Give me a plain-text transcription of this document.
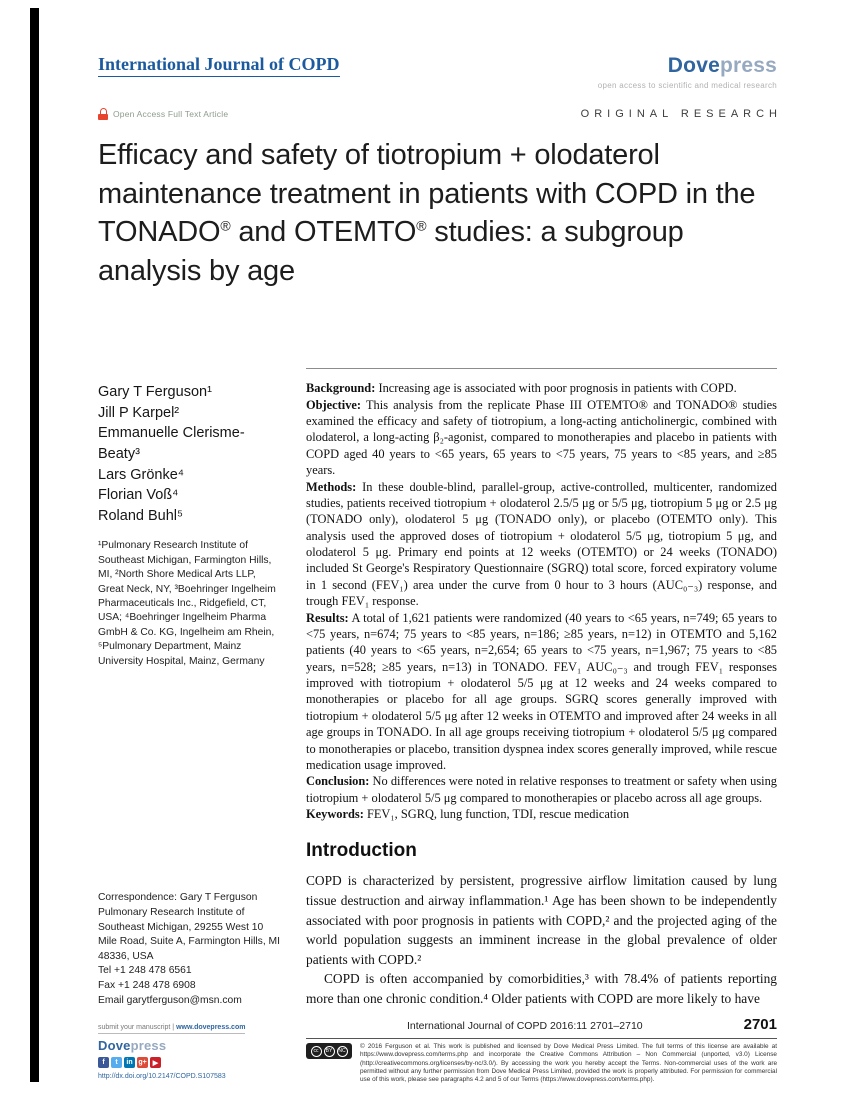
International Journal of COPD	Dovepress
open access to scientific and medical research
Open Access Full Text Article	ORIGINAL RESEARCH
Efficacy and safety of tiotropium + olodaterol maintenance treatment in patients with COPD in the TONADO® and OTEMTO® studies: a subgroup analysis by age
Gary T Ferguson¹
Jill P Karpel²
Emmanuelle Clerisme-Beaty³
Lars Grönke⁴
Florian Voß⁴
Roland Buhl⁵
¹Pulmonary Research Institute of Southeast Michigan, Farmington Hills, MI, ²North Shore Medical Arts LLP, Great Neck, NY, ³Boehringer Ingelheim Pharmaceuticals Inc., Ridgefield, CT, USA; ⁴Boehringer Ingelheim Pharma GmbH & Co. KG, Ingelheim am Rhein, ⁵Pulmonary Department, Mainz University Hospital, Mainz, Germany
Correspondence: Gary T Ferguson
Pulmonary Research Institute of Southeast Michigan, 29255 West 10 Mile Road, Suite A, Farmington Hills, MI 48336, USA
Tel +1 248 478 6561
Fax +1 248 478 6908
Email garytferguson@msn.com

Background: Increasing age is associated with poor prognosis in patients with COPD.

Objective: This analysis from the replicate Phase III OTEMTO® and TONADO® studies examined the efficacy and safety of tiotropium, a long-acting anticholinergic, combined with olodaterol, a long-acting β₂-agonist, compared to monotherapies and placebo in patients with COPD aged 40 years to <65 years, 65 years to <75 years, 75 years to <85 years, and ≥85 years.

Methods: In these double-blind, parallel-group, active-controlled, multicenter, randomized studies, patients received tiotropium + olodaterol 2.5/5 μg or 5/5 μg, tiotropium 5 μg or 2.5 μg (TONADO only), olodaterol 5 μg (TONADO only), or placebo (OTEMTO only). This analysis used the approved doses of tiotropium + olodaterol 5/5 μg, tiotropium 5 μg, and olodaterol 5 μg. Primary end points at 12 weeks (OTEMTO) or 24 weeks (TONADO) included St George's Respiratory Questionnaire (SGRQ) total score, forced expiratory volume in 1 second (FEV₁) area under the curve from 0 hour to 3 hours (AUC₀₋₃) response, and trough FEV₁ response.

Results: A total of 1,621 patients were randomized (40 years to <65 years, n=749; 65 years to <75 years, n=674; 75 years to <85 years, n=186; ≥85 years, n=12) in OTEMTO and 5,162 patients (40 years to <65 years, n=2,654; 65 years to <75 years, n=1,967; 75 years to <85 years, n=528; ≥85 years, n=13) in TONADO. FEV₁ AUC₀₋₃ and trough FEV₁ responses improved with tiotropium + olodaterol 5/5 μg at 12 weeks and 24 weeks compared to monotherapies or placebo for all age groups. SGRQ scores generally improved with tiotropium + olodaterol 5/5 μg after 12 weeks in OTEMTO and improved after 24 weeks in all age groups in TONADO. In all age groups receiving tiotropium + olodaterol 5/5 μg compared to monotherapies or placebo, transition dyspnea index scores generally improved, while rescue medication usage improved.

Conclusion: No differences were noted in relative responses to treatment or safety when using tiotropium + olodaterol 5/5 μg compared to monotherapies or placebo across all age groups.

Keywords: FEV₁, SGRQ, lung function, TDI, rescue medication

Introduction

COPD is characterized by persistent, progressive airflow limitation caused by lung tissue destruction and airway inflammation.¹ Age has been shown to be independently associated with poor prognosis in patients with COPD,² and the projected aging of the world population suggests an imminent increase in the global prevalence of older patients with COPD.²

COPD is often accompanied by comorbidities,³ with 78.4% of patients reporting more than one chronic condition.⁴ Older patients with COPD are more likely to have

submit your manuscript | www.dovepress.com
Dovepress
f	t	in g+ ▶
http://dx.doi.org/10.2147/COPD.S107583
International Journal of COPD 2016:11 2701–2710	2701
cc	BY	NC
© 2016 Ferguson et al. This work is published and licensed by Dove Medical Press Limited. The full terms of this license are available at https://www.dovepress.com/terms.php and incorporate the Creative Commons Attribution – Non Commercial (unported, v3.0) License (http://creativecommons.org/licenses/by-nc/3.0/). By accessing the work you hereby accept the Terms. Non-commercial uses of the work are permitted without any further permission from Dove Medical Press Limited, provided the work is properly attributed. For permission for commercial use of this work, please see paragraphs 4.2 and 5 of our Terms (https://www.dovepress.com/terms.php).
